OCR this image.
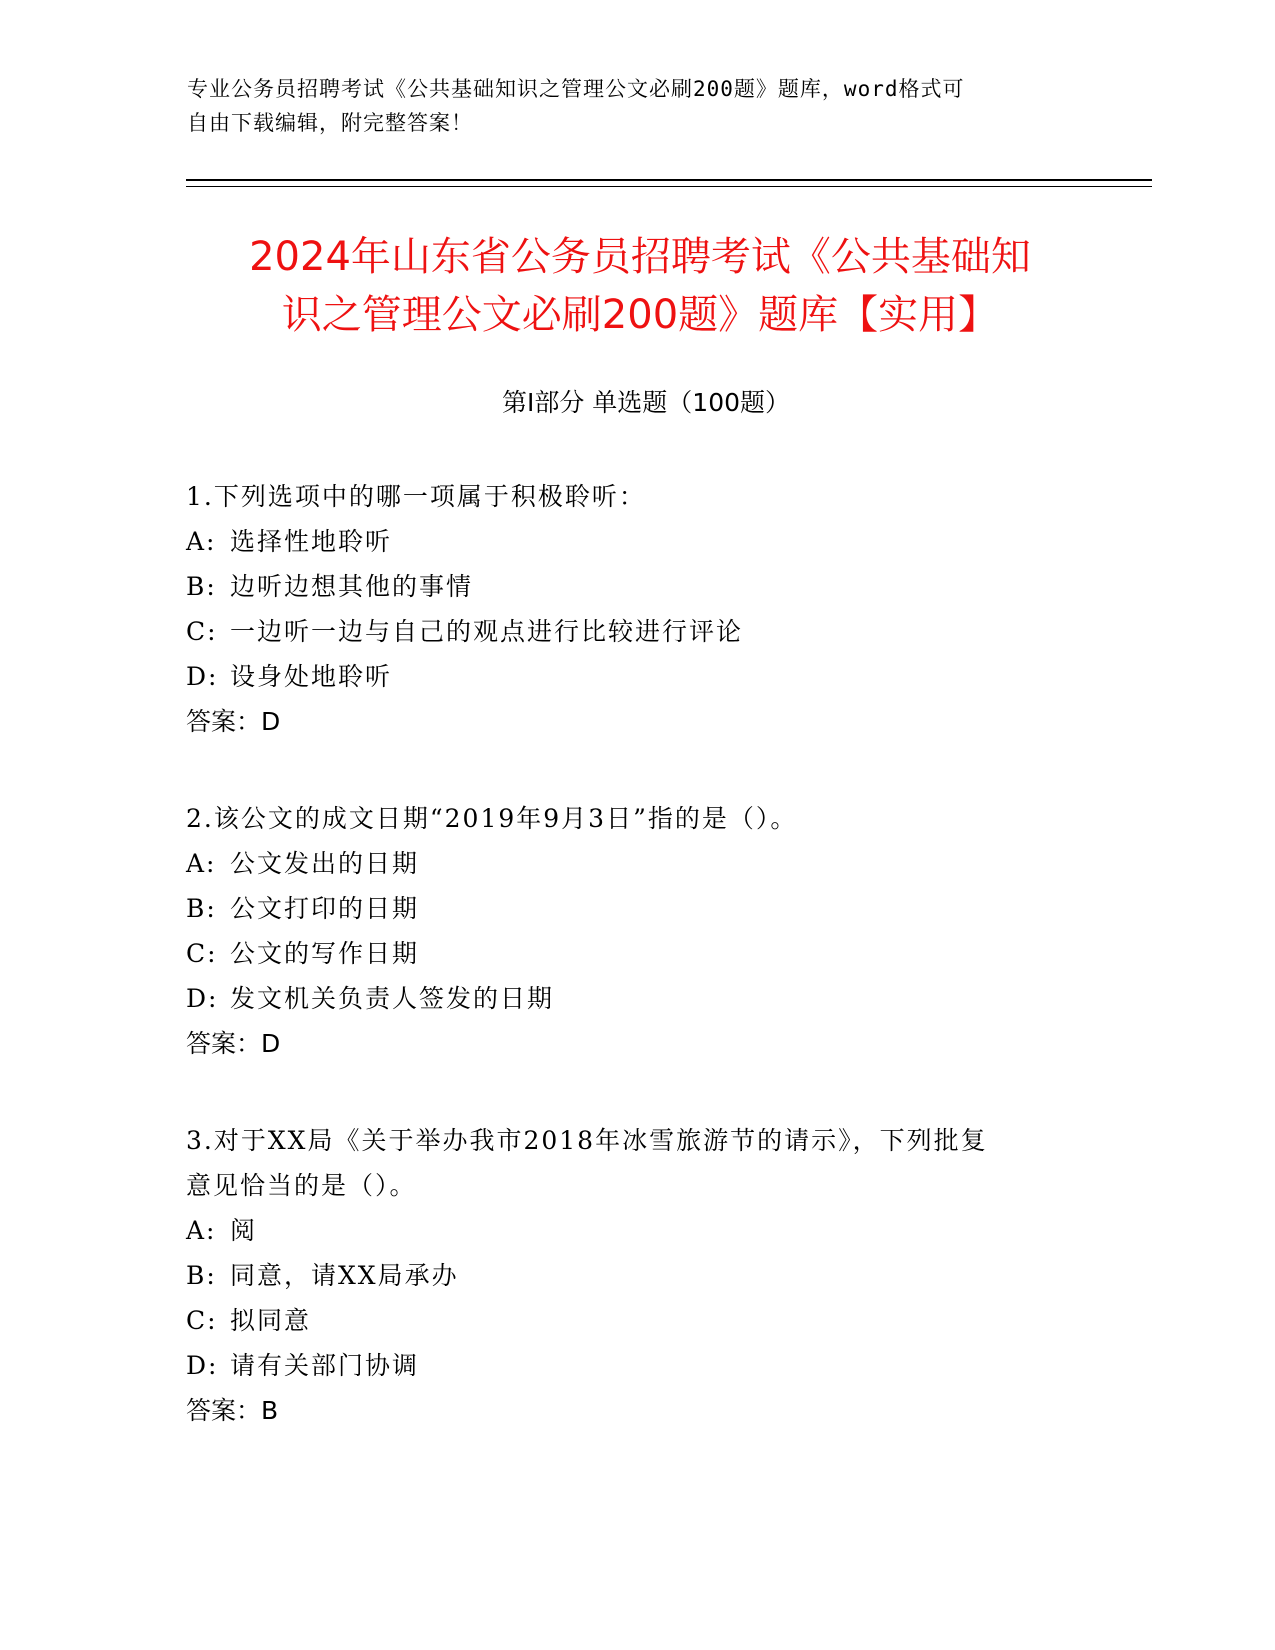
专业公务员招聘考试《公共基础知识之管理公文必刷200题》题库，word格式可
自由下载编辑，附完整答案！
2024年山东省公务员招聘考试《公共基础知
识之管理公文必刷200题》题库【实用】
第I部分 单选题（100题）

1.下列选项中的哪一项属于积极聆听：

A: 选择性地聆听

B: 边听边想其他的事情

C: 一边听一边与自己的观点进行比较进行评论

D: 设身处地聆听

答案：D

2.该公文的成文日期“2019年9月3日”指的是（）。

A: 公文发出的日期

B: 公文打印的日期

C: 公文的写作日期

D: 发文机关负责人签发的日期

答案：D

3.对于XX局《关于举办我市2018年冰雪旅游节的请示》，下列批复

意见恰当的是（）。

A: 阅

B: 同意，请XX局承办

C: 拟同意

D: 请有关部门协调

答案：B
